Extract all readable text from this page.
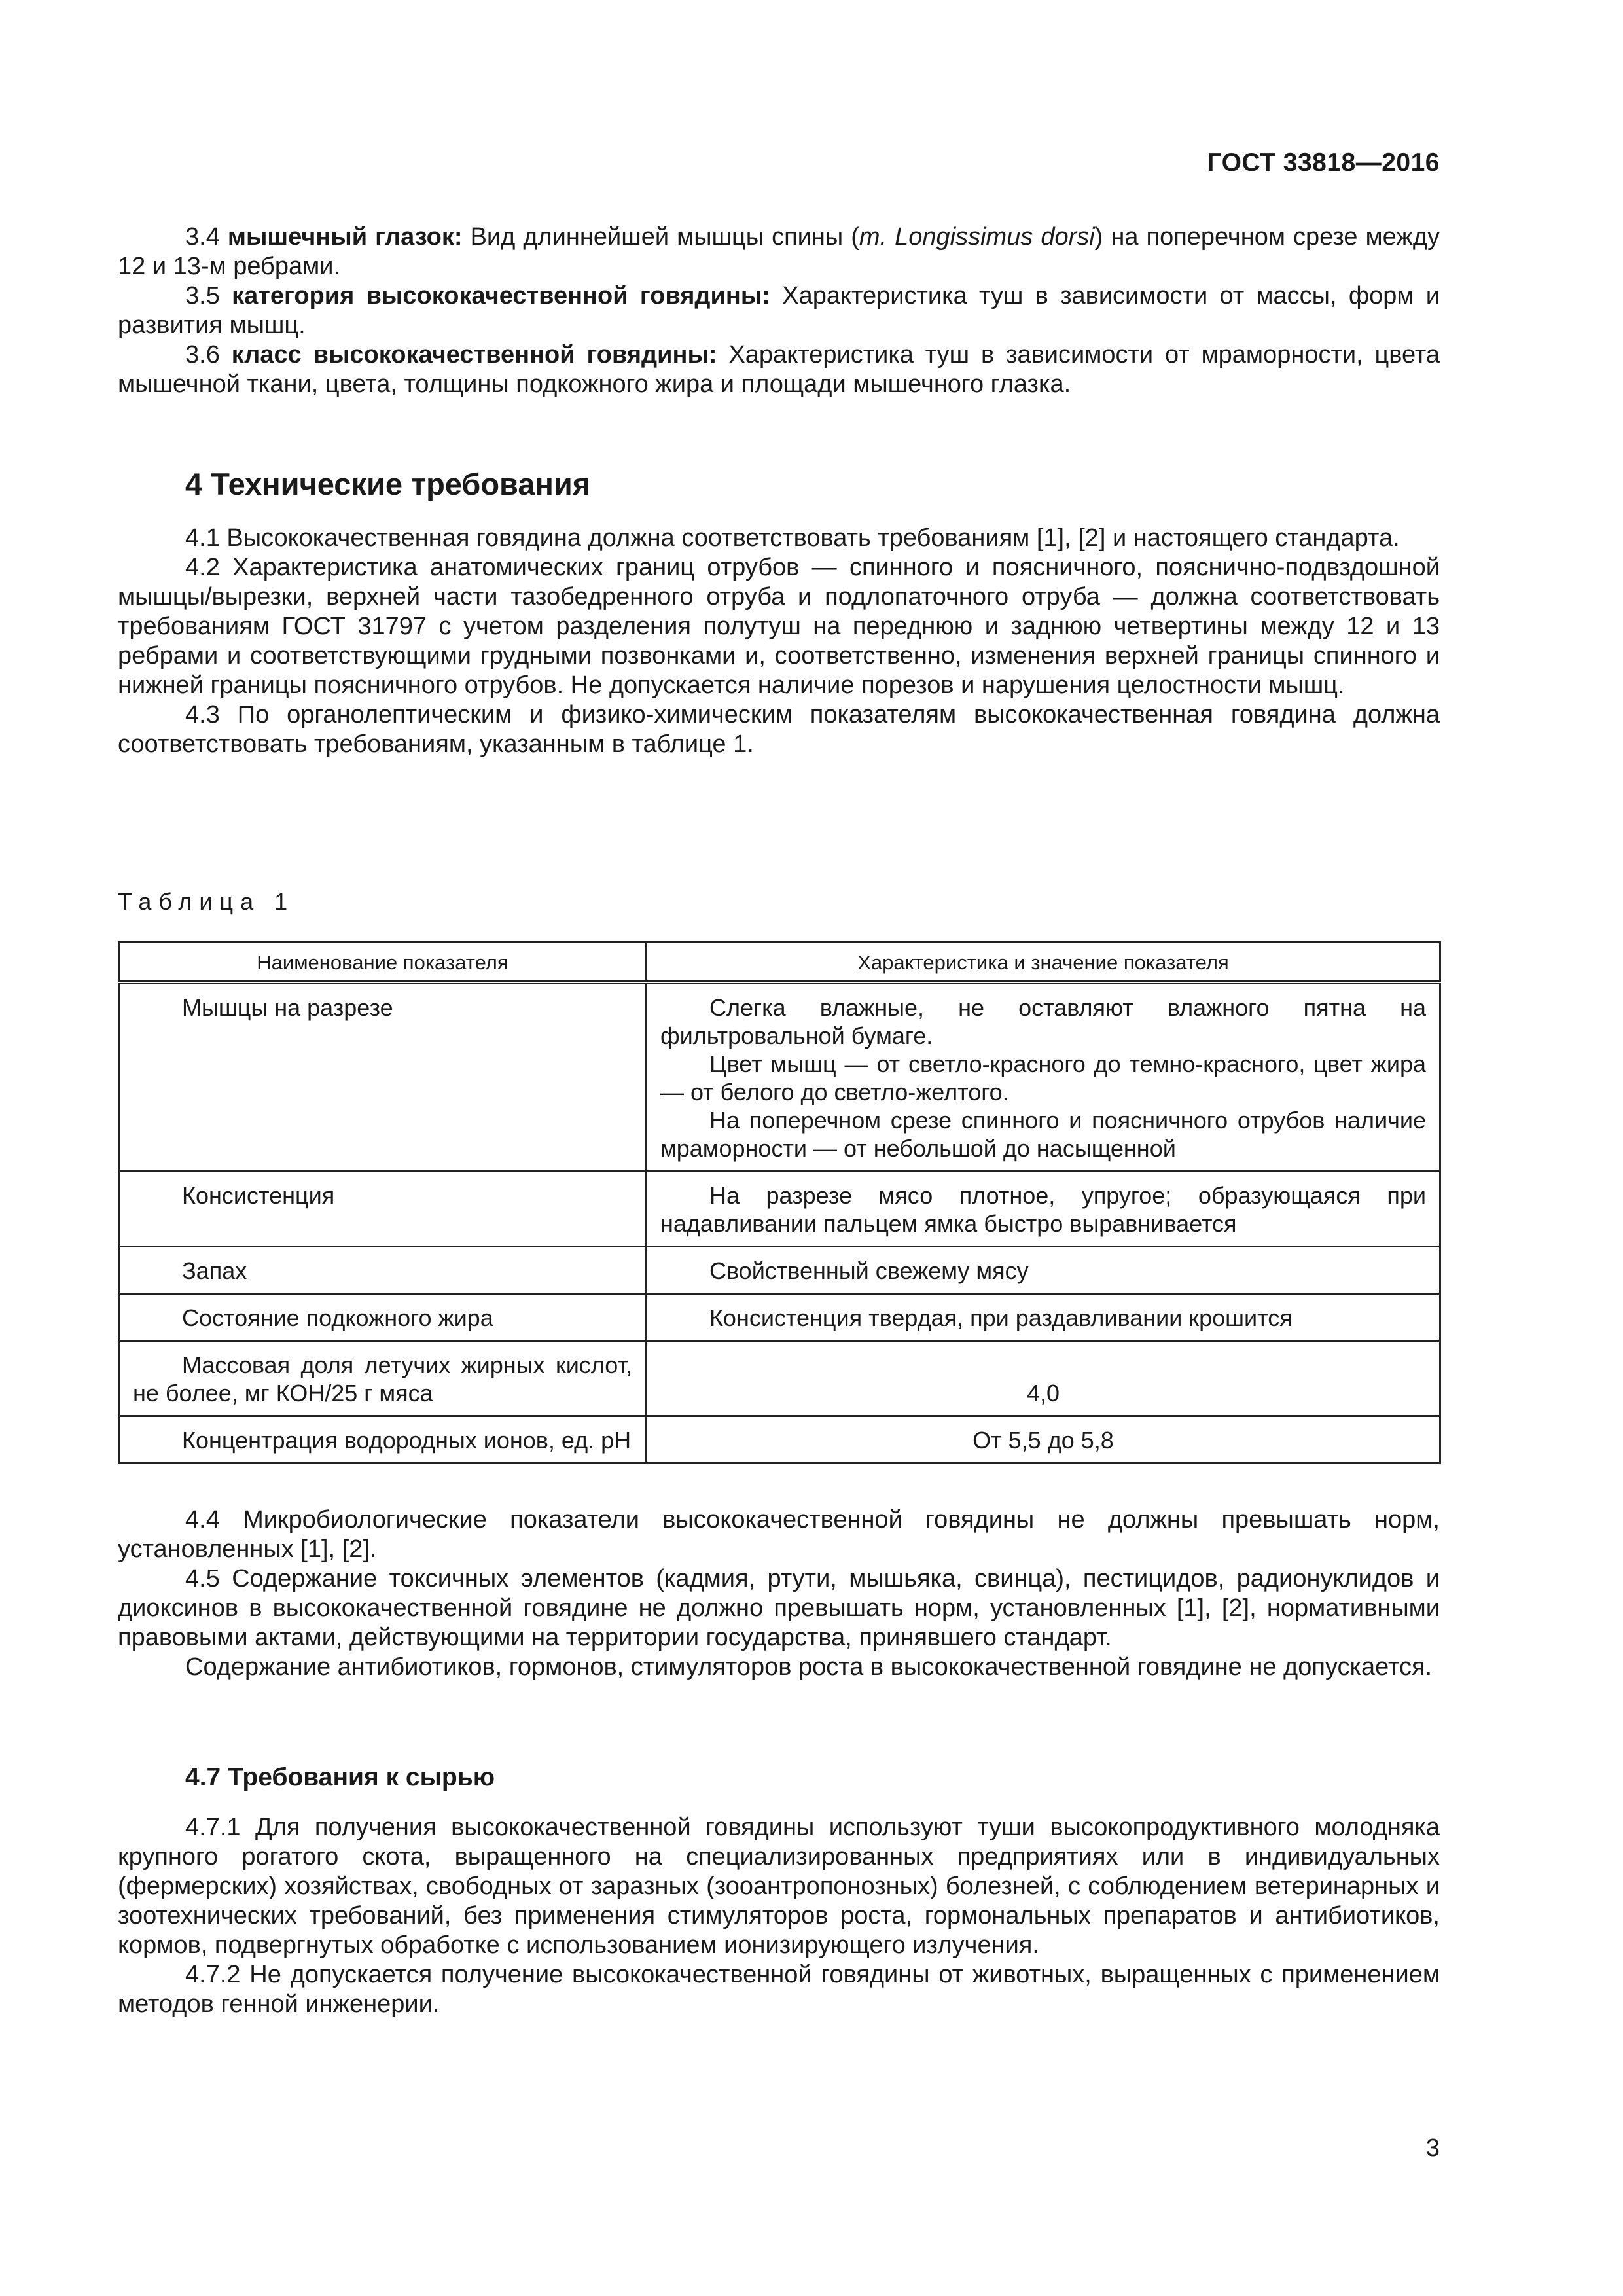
ГОСТ 33818—2016

3.4 мышечный глазок: Вид длиннейшей мышцы спины (m. Longissimus dorsi) на поперечном срезе между 12 и 13-м ребрами.

3.5 категория высококачественной говядины: Характеристика туш в зависимости от массы, форм и развития мышц.

3.6 класс высококачественной говядины: Характеристика туш в зависимости от мраморности, цвета мышечной ткани, цвета, толщины подкожного жира и площади мышечного глазка.

4 Технические требования

4.1 Высококачественная говядина должна соответствовать требованиям [1], [2] и настоящего стандарта.

4.2 Характеристика анатомических границ отрубов — спинного и поясничного, пояснично-подвздошной мышцы/вырезки, верхней части тазобедренного отруба и подлопаточного отруба — должна соответствовать требованиям ГОСТ 31797 с учетом разделения полутуш на переднюю и заднюю четвертины между 12 и 13 ребрами и соответствующими грудными позвонками и, соответственно, изменения верхней границы спинного и нижней границы поясничного отрубов. Не допускается наличие порезов и нарушения целостности мышц.

4.3 По органолептическим и физико-химическим показателям высококачественная говядина должна соответствовать требованиям, указанным в таблице 1.

Таблица 1
Наименование показателя	Характеристика и значение показателя

Мышцы на разрезе	Слегка влажные, не оставляют влажного пятна на фильтровальной бумаге.
Цвет мышц — от светло-красного до темно-красного, цвет жира — от белого до светло-желтого.
На поперечном срезе спинного и поясничного отрубов наличие мраморности — от небольшой до насыщенной

Консистенция	На разрезе мясо плотное, упругое; образующаяся при надавливании пальцем ямка быстро выравнивается

Запах	Свойственный свежему мясу

Состояние подкожного жира	Консистенция твердая, при раздавливании крошится

Массовая доля летучих жирных кислот, не более, мг КОН/25 г мяса	4,0

Концентрация водородных ионов, ед. pH	От 5,5 до 5,8

4.4 Микробиологические показатели высококачественной говядины не должны превышать норм, установленных [1], [2].

4.5 Содержание токсичных элементов (кадмия, ртути, мышьяка, свинца), пестицидов, радионуклидов и диоксинов в высококачественной говядине не должно превышать норм, установленных [1], [2], нормативными правовыми актами, действующими на территории государства, принявшего стандарт.

Содержание антибиотиков, гормонов, стимуляторов роста в высококачественной говядине не допускается.

4.7 Требования к сырью

4.7.1 Для получения высококачественной говядины используют туши высокопродуктивного молодняка крупного рогатого скота, выращенного на специализированных предприятиях или в индивидуальных (фермерских) хозяйствах, свободных от заразных (зооантропонозных) болезней, с соблюдением ветеринарных и зоотехнических требований, без применения стимуляторов роста, гормональных препаратов и антибиотиков, кормов, подвергнутых обработке с использованием ионизирующего излучения.

4.7.2 Не допускается получение высококачественной говядины от животных, выращенных с применением методов генной инженерии.

3
